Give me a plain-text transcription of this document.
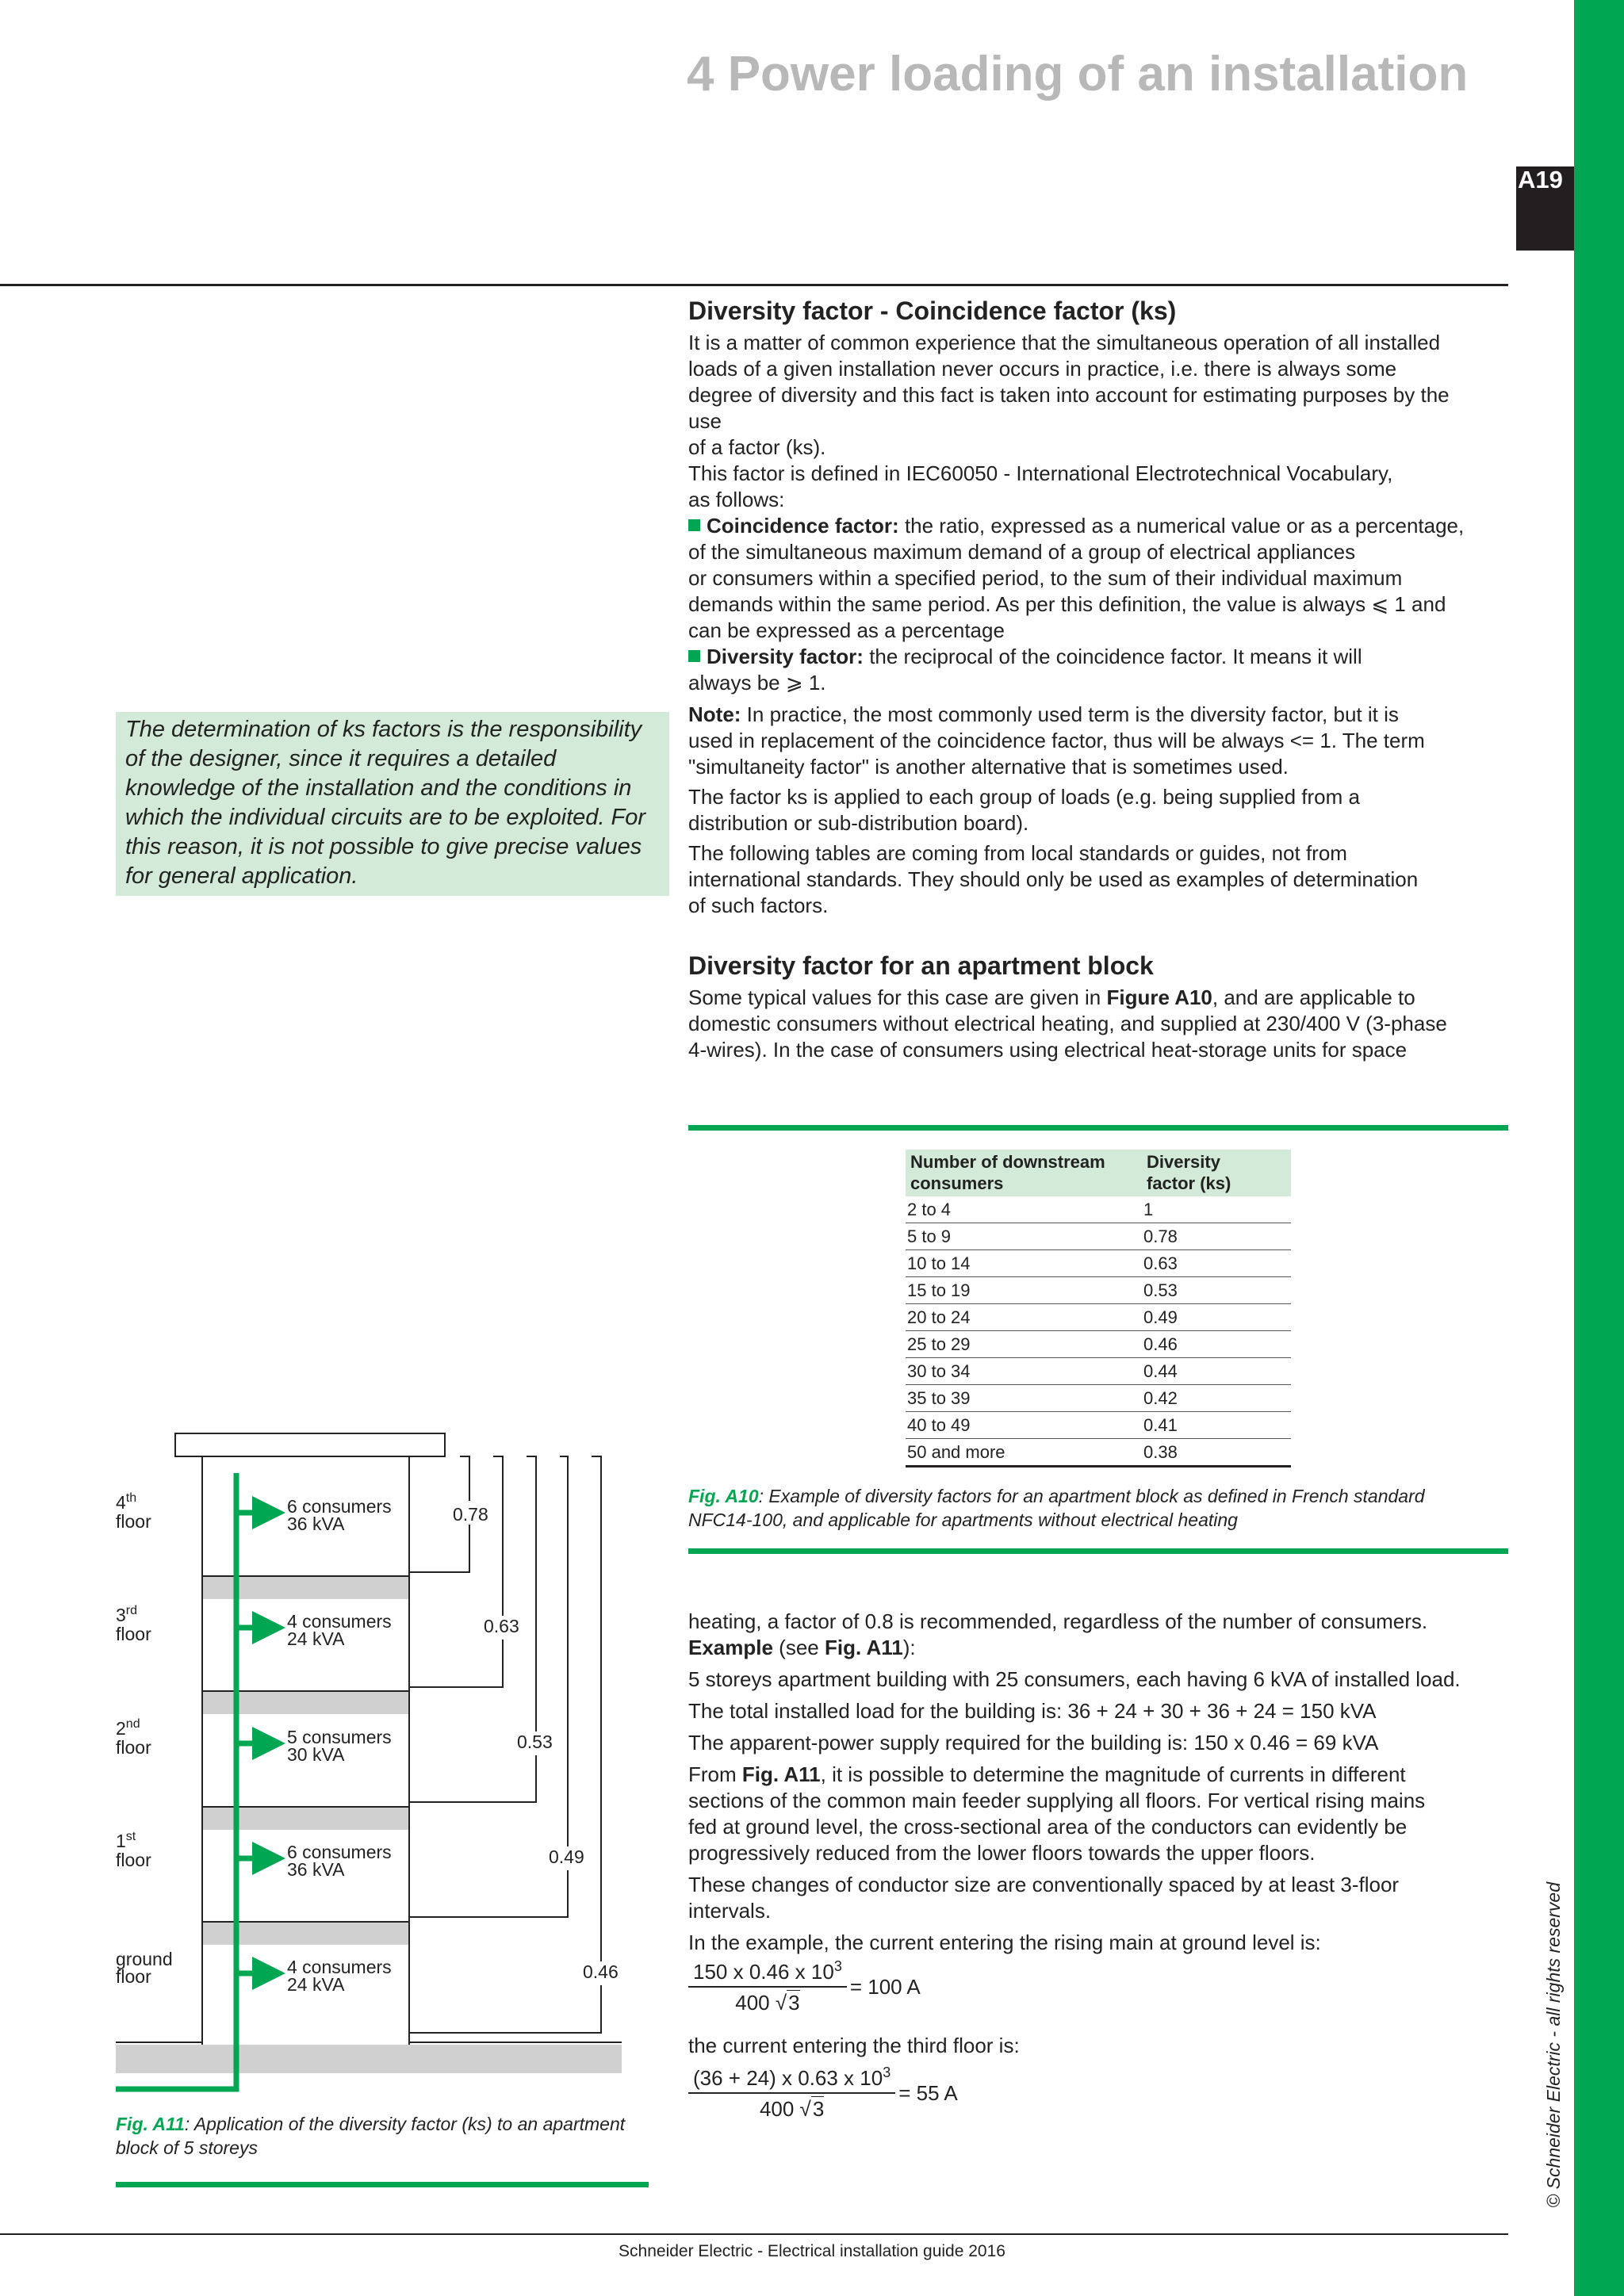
4 Power loading of an installation
A19
© Schneider Electric - all rights reserved
Schneider Electric - Electrical installation guide 2016
The determination of ks factors is the responsibility of the designer, since it requires a detailed knowledge of the installation and the conditions in which the individual circuits are to be exploited. For this reason, it is not possible to give precise values for general application.
Diversity factor - Coincidence factor (ks)

It is a matter of common experience that the simultaneous operation of all installed
loads of a given installation never occurs in practice, i.e. there is always some
degree of diversity and this fact is taken into account for estimating purposes by the
use
of a factor (ks).

This factor is defined in IEC60050 - International Electrotechnical Vocabulary,
as follows:

Coincidence factor: the ratio, expressed as a numerical value or as a percentage,
of the simultaneous maximum demand of a group of electrical appliances
or consumers within a specified period, to the sum of their individual maximum
demands within the same period. As per this definition, the value is always ⩽ 1 and
can be expressed as a percentage

Diversity factor: the reciprocal of the coincidence factor. It means it will
always be ⩾ 1.

Note: In practice, the most commonly used term is the diversity factor, but it is
used in replacement of the coincidence factor, thus will be always <= 1. The term
"simultaneity factor" is another alternative that is sometimes used.

The factor ks is applied to each group of loads (e.g. being supplied from a
distribution or sub-distribution board).

The following tables are coming from local standards or guides, not from
international standards. They should only be used as examples of determination
of such factors.

Diversity factor for an apartment block

Some typical values for this case are given in Figure A10, and are applicable to
domestic consumers without electrical heating, and supplied at 230/400 V (3-phase
4-wires). In the case of consumers using electrical heat-storage units for space

Number of downstream
consumers	Diversity
factor (ks)
2 to 4	1
5 to 9	0.78
10 to 14	0.63
15 to 19	0.53
20 to 24	0.49
25 to 29	0.46
30 to 34	0.44
35 to 39	0.42
40 to 49	0.41
50 and more	0.38
Fig. A10: Example of diversity factors for an apartment block as defined in French standard
NFC14-100, and applicable for apartments without electrical heating

heating, a factor of 0.8 is recommended, regardless of the number of consumers.

Example (see Fig. A11):

5 storeys apartment building with 25 consumers, each having 6 kVA of installed load.

The total installed load for the building is: 36 + 24 + 30 + 36 + 24 = 150 kVA

The apparent-power supply required for the building is: 150 x 0.46 = 69 kVA

From Fig. A11, it is possible to determine the magnitude of currents in different
sections of the common main feeder supplying all floors. For vertical rising mains
fed at ground level, the cross-sectional area of the conductors can evidently be
progressively reduced from the lower floors towards the upper floors.

These changes of conductor size are conventionally spaced by at least 3-floor
intervals.

In the example, the current entering the rising main at ground level is:

$\frac{150 x 0.46 x 10^3}{400 √3} = 100$ A
the current entering the third floor is:
$\frac{(36 + 24) x 0.63 x 10^3}{400 √3} = 55$ A
4th floor
3rd floor
2nd floor
1st floor
ground floor
6 consumers 36 kVA
4 consumers 24 kVA
5 consumers 30 kVA
6 consumers 36 kVA
4 consumers 24 kVA
0.78
0.63
0.53
0.49
0.46
Fig. A11: Application of the diversity factor (ks) to an apartment
block of 5 storeys
